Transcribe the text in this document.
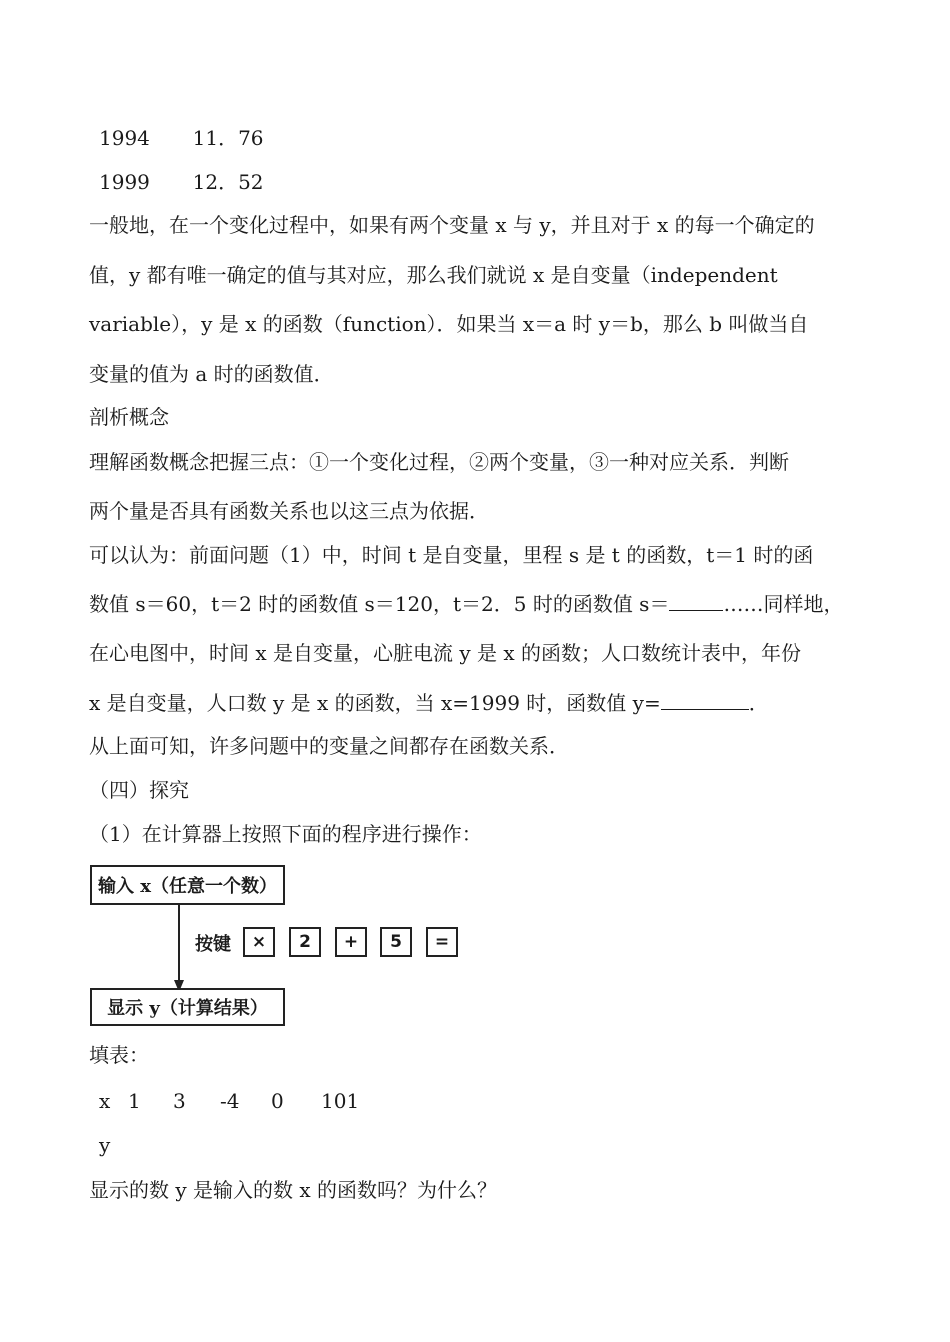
1994 11．76
1999 12．52
一般地，在一个变化过程中，如果有两个变量 x 与 y，并且对于 x 的每一个确定的
值，y 都有唯一确定的值与其对应，那么我们就说 x 是自变量（independent
variable），y 是 x 的函数（function）．如果当 x＝a 时 y＝b，那么 b 叫做当自
变量的值为 a 时的函数值．
剖析概念
理解函数概念把握三点：①一个变化过程，②两个变量，③一种对应关系．判断
两个量是否具有函数关系也以这三点为依据．
可以认为：前面问题（1）中，时间 t 是自变量，里程 s 是 t 的函数，t＝1 时的函
数值 s＝60，t＝2 时的函数值 s＝120，t＝2．5 时的函数值 s＝	……同样地，
在心电图中，时间 x 是自变量，心脏电流 y 是 x 的函数；人口数统计表中，年份
x 是自变量，人口数 y 是 x 的函数，当 x=1999 时，函数值 y=	．
从上面可知，许多问题中的变量之间都存在函数关系．
（四）探究
（1）在计算器上按照下面的程序进行操作：
输入 x（任意一个数）
按键	×	2	+	5	=
显示 y（计算结果）
填表：
x 1 3 -4 0 101
y
显示的数 y 是输入的数 x 的函数吗？为什么？
